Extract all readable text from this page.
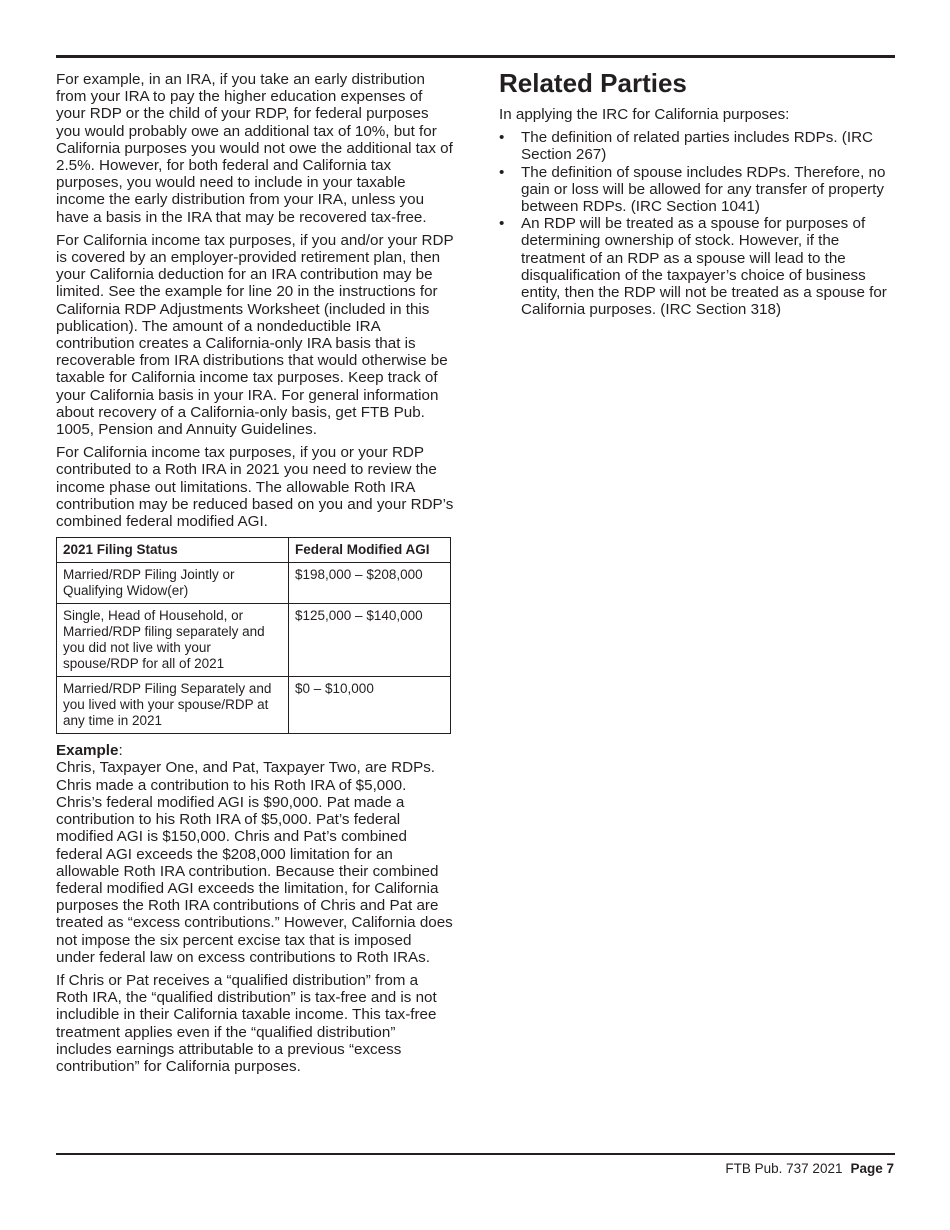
For example, in an IRA, if you take an early distribution from your IRA to pay the higher education expenses of your RDP or the child of your RDP, for federal purposes you would probably owe an additional tax of 10%, but for California purposes you would not owe the additional tax of 2.5%. However, for both federal and California tax purposes, you would need to include in your taxable income the early distribution from your IRA, unless you have a basis in the IRA that may be recovered tax-free.

For California income tax purposes, if you and/or your RDP is covered by an employer-provided retirement plan, then your California deduction for an IRA contribution may be limited. See the example for line 20 in the instructions for California RDP Adjustments Worksheet (included in this publication). The amount of a nondeductible IRA contribution creates a California-only IRA basis that is recoverable from IRA distributions that would otherwise be taxable for California income tax purposes. Keep track of your California basis in your IRA. For general information about recovery of a California-only basis, get FTB Pub. 1005, Pension and Annuity Guidelines.

For California income tax purposes, if you or your RDP contributed to a Roth IRA in 2021 you need to review the income phase out limitations. The allowable Roth IRA contribution may be reduced based on you and your RDP’s combined federal modified AGI.

2021 Filing Status	Federal Modified AGI
Married/RDP Filing Jointly or Qualifying Widow(er)	$198,000 – $208,000
Single, Head of Household, or Married/RDP filing separately and you did not live with your spouse/RDP for all of 2021	$125,000 – $140,000
Married/RDP Filing Separately and you lived with your spouse/RDP at any time in 2021	$0 – $10,000
Example:

Chris, Taxpayer One, and Pat, Taxpayer Two, are RDPs. Chris made a contribution to his Roth IRA of $5,000. Chris’s federal modified AGI is $90,000. Pat made a contribution to his Roth IRA of $5,000. Pat’s federal modified AGI is $150,000. Chris and Pat’s combined federal AGI exceeds the $208,000 limitation for an allowable Roth IRA contribution. Because their combined federal modified AGI exceeds the limitation, for California purposes the Roth IRA contributions of Chris and Pat are treated as “excess contributions.” However, California does not impose the six percent excise tax that is imposed under federal law on excess contributions to Roth IRAs.

If Chris or Pat receives a “qualified distribution” from a Roth IRA, the “qualified distribution” is tax-free and is not includible in their California taxable income. This tax-free treatment applies even if the “qualified distribution” includes earnings attributable to a previous “excess contribution” for California purposes.

Related Parties

In applying the IRC for California purposes:

• The definition of related parties includes RDPs. (IRC Section 267)
• The definition of spouse includes RDPs. Therefore, no gain or loss will be allowed for any transfer of property between RDPs. (IRC Section 1041)
• An RDP will be treated as a spouse for purposes of determining ownership of stock. However, if the treatment of an RDP as a spouse will lead to the disqualification of the taxpayer’s choice of business entity, then the RDP will not be treated as a spouse for California purposes. (IRC Section 318)
FTB Pub. 737 2021 Page 7
